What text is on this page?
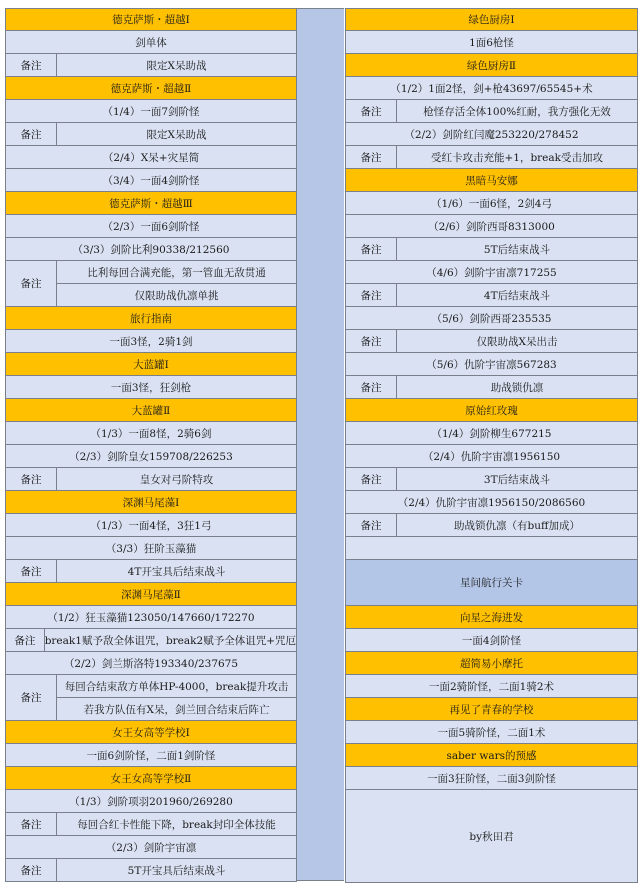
德克萨斯・超越Ⅰ
剑单体
备注	限定X呆助战
德克萨斯・超越Ⅱ
（1/4）一面7剑阶怪
备注	限定X呆助战
（2/4）X呆+灾星简
（3/4）一面4剑阶怪
德克萨斯・超越Ⅲ
（2/3）一面6剑阶怪
（3/3）剑阶比利90338/212560
备注
比利每回合满充能，第一管血无敌贯通
仅限助战仇凛单挑
旅行指南
一面3怪，2骑1剑
大蓝罐Ⅰ
一面3怪，狂剑枪
大蓝罐Ⅱ
（1/3）一面8怪，2骑6剑
（2/3）剑阶皇女159708/226253
备注	皇女对弓阶特攻
深渊马尾藻Ⅰ
（1/3）一面4怪，3狂1弓
（3/3）狂阶玉藻猫
备注	4T开宝具后结束战斗
深渊马尾藻Ⅱ
（1/2）狂玉藻猫123050/147660/172270
备注 break1赋予敌全体诅咒，break2赋予全体诅咒+咒厄
（2/2）剑兰斯洛特193340/237675
备注
每回合结束敌方单体HP-4000，break提升攻击
若我方队伍有X呆，剑兰回合结束后阵亡
女王女高等学校Ⅰ
一面6剑阶怪，二面1剑阶怪
女王女高等学校Ⅱ
（1/3）剑阶项羽201960/269280
备注	每回合红卡性能下降，break封印全体技能
（2/3）剑阶宇宙凛
备注	5T开宝具后结束战斗
绿色厨房Ⅰ
1面6枪怪
绿色厨房Ⅱ
（1/2）1面2怪，剑+枪43697/65545+术
备注	枪怪存活全体100%红耐，我方强化无效
（2/2）剑阶红闫魔253220/278452
备注	受红卡攻击充能+1，break受击加攻
黑暗马安娜
（1/6）一面6怪，2剑4弓
（2/6）剑阶西哥8313000
备注	5T后结束战斗
（4/6）剑阶宇宙凛717255
备注	4T后结束战斗
（5/6）剑阶西哥235535
备注	仅限助战X呆出击
（5/6）仇阶宇宙凛567283
备注	助战锁仇凛
原始红玫瑰
（1/4）剑阶柳生677215
（2/4）仇阶宇宙凛1956150
备注	3T后结束战斗
（2/4）仇阶宇宙凛1956150/2086560
备注	助战锁仇凛（有buff加成）
星间航行关卡
向星之海进发
一面4剑阶怪
超简易小摩托
一面2骑阶怪，二面1骑2术
再见了青春的学校
一面5骑阶怪，二面1术
saber wars的预感
一面3狂阶怪，二面3剑阶怪
by秋田君
